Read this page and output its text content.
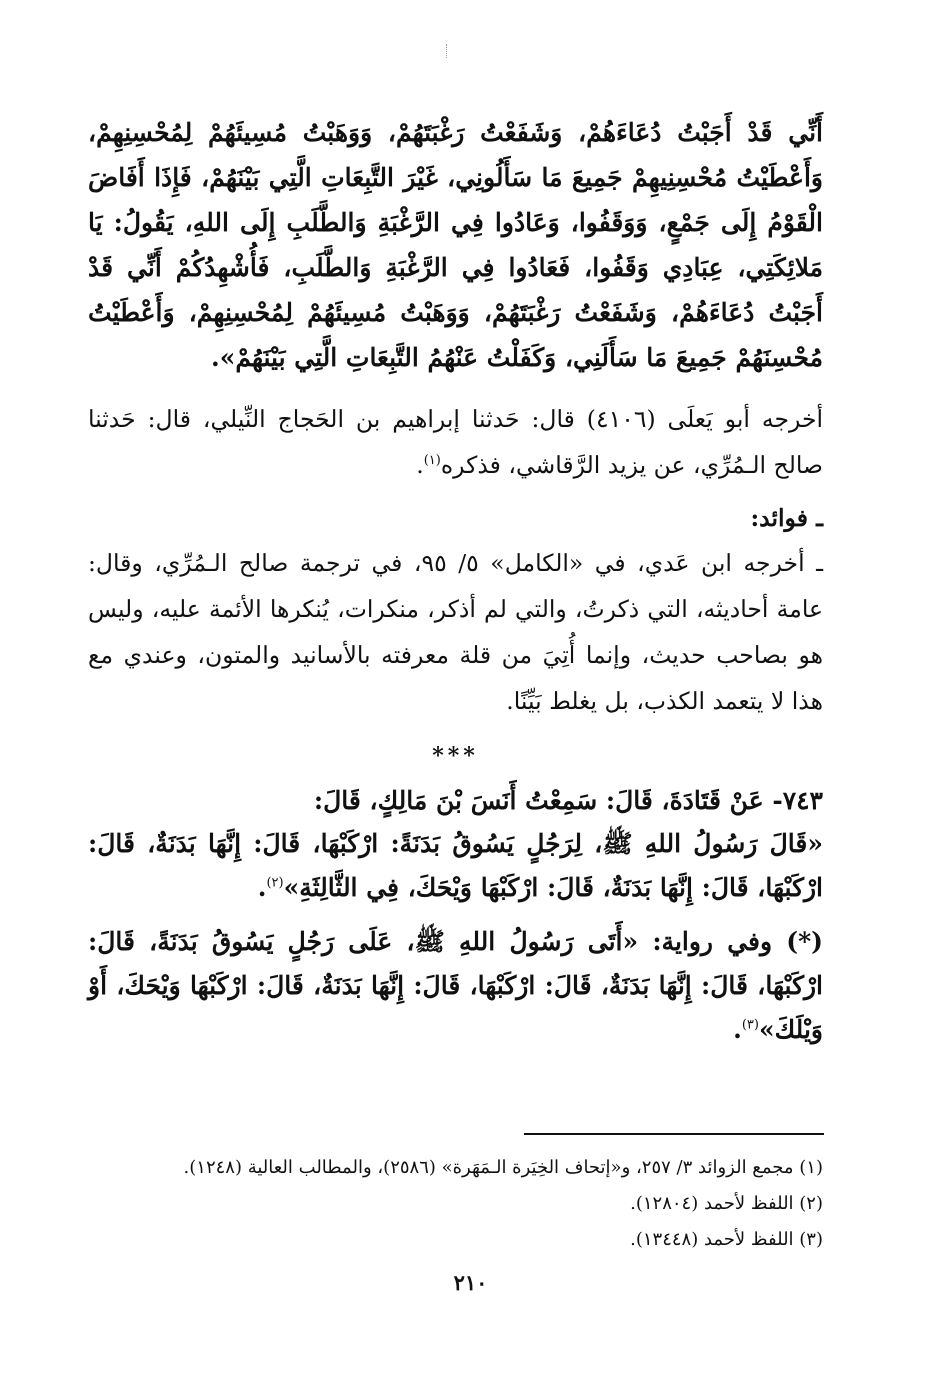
أَنِّي قَدْ أَجَبْتُ دُعَاءَهُمْ، وَشَفَعْتُ رَغْبَتَهُمْ، وَوَهَبْتُ مُسِيئَهُمْ لِمُحْسِنِهِمْ، وَأَعْطَيْتُ مُحْسِنِيهِمْ جَمِيعَ مَا سَأَلُونِي، غَيْرَ التَّبِعَاتِ الَّتِي بَيْنَهُمْ، فَإِذَا أَفَاضَ الْقَوْمُ إِلَى جَمْعٍ، وَوَقَفُوا، وَعَادُوا فِي الرَّغْبَةِ وَالطَّلَبِ إِلَى اللهِ، يَقُولُ: يَا مَلائِكَتِي، عِبَادِي وَقَفُوا، فَعَادُوا فِي الرَّغْبَةِ وَالطَّلَبِ، فَأُشْهِدُكُمْ أَنِّي قَدْ أَجَبْتُ دُعَاءَهُمْ، وَشَفَعْتُ رَغْبَتَهُمْ، وَوَهَبْتُ مُسِيئَهُمْ لِمُحْسِنِهِمْ، وَأَعْطَيْتُ مُحْسِنَهُمْ جَمِيعَ مَا سَأَلَنِي، وَكَفَلْتُ عَنْهُمُ التَّبِعَاتِ الَّتِي بَيْنَهُمْ».

أخرجه أبو يَعلَى (٤١٠٦) قال: حَدثنا إبراهيم بن الحَجاج النِّيلي، قال: حَدثنا صالح الـمُرِّي، عن يزيد الرَّقاشي، فذكره$^{(١)}$.

ـ فوائد:

ـ أخرجه ابن عَدي، في «الكامل» ٥/ ٩٥، في ترجمة صالح الـمُرِّي، وقال: عامة أحاديثه، التي ذكرتُ، والتي لم أذكر، منكرات، يُنكرها الأئمة عليه، وليس هو بصاحب حديث، وإنما أُتِيَ من قلة معرفته بالأسانيد والمتون، وعندي مع هذا لا يتعمد الكذب، بل يغلط بَيِّنًا.

***

٧٤٣- عَنْ قَتَادَةَ، قَالَ: سَمِعْتُ أَنَسَ بْنَ مَالِكٍ، قَالَ:

«قَالَ رَسُولُ اللهِ ﷺ، لِرَجُلٍ يَسُوقُ بَدَنَةً: ارْكَبْهَا، قَالَ: إِنَّهَا بَدَنَةٌ، قَالَ: ارْكَبْهَا، قَالَ: إِنَّهَا بَدَنَةٌ، قَالَ: ارْكَبْهَا وَيْحَكَ، فِي الثَّالِثَةِ»$^{(٢)}$.

(*) وفي رواية: «أَتَى رَسُولُ اللهِ ﷺ، عَلَى رَجُلٍ يَسُوقُ بَدَنَةً، قَالَ: ارْكَبْهَا، قَالَ: إِنَّهَا بَدَنَةٌ، قَالَ: ارْكَبْهَا، قَالَ: إِنَّهَا بَدَنَةٌ، قَالَ: ارْكَبْهَا وَيْحَكَ، أَوْ وَيْلَكَ»$^{(٣)}$.

(١) مجمع الزوائد ٣/ ٢٥٧، و«إتحاف الخِيَرة الـمَهَرة» (٢٥٨٦)، والمطالب العالية (١٢٤٨).

(٢) اللفظ لأحمد (١٢٨٠٤).

(٣) اللفظ لأحمد (١٣٤٤٨).

٢١٠
